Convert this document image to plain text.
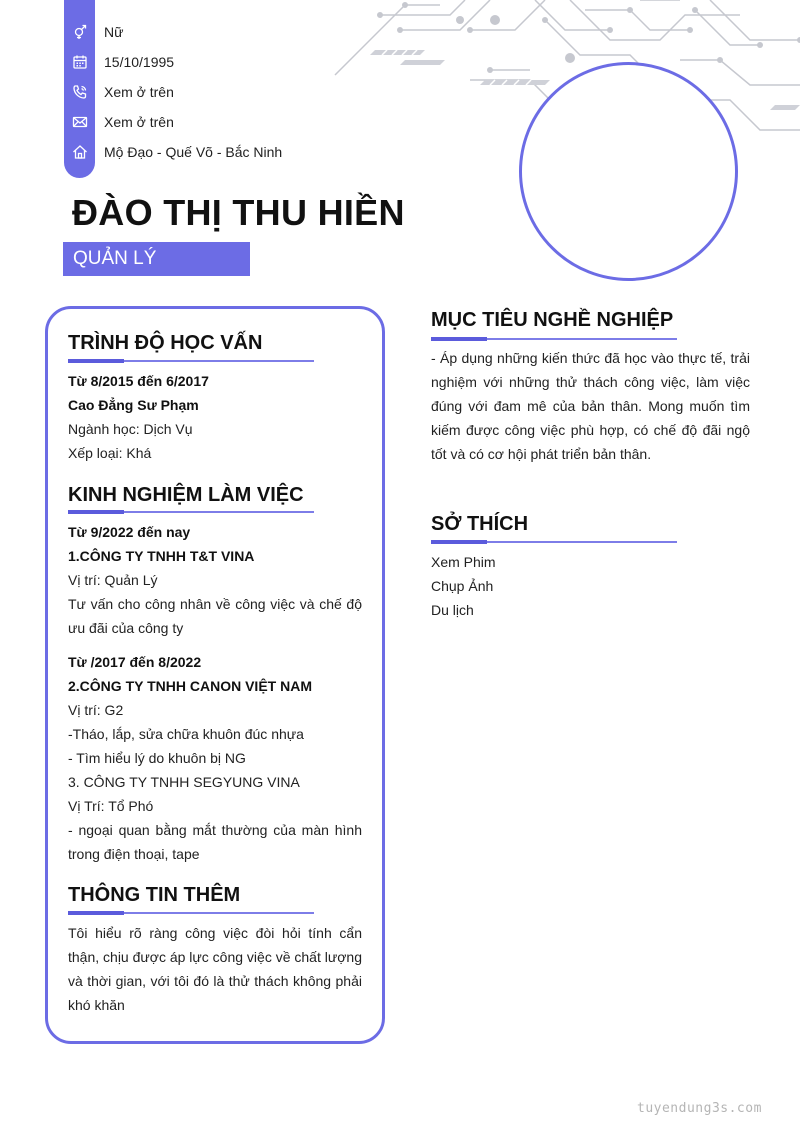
Nữ
15/10/1995
Xem ở trên
Xem ở trên
Mộ Đạo - Quế Võ - Bắc Ninh
ĐÀO THỊ THU HIỀN
QUẢN LÝ
TRÌNH ĐỘ HỌC VẤN
Từ 8/2015 đến 6/2017
Cao Đẳng Sư Phạm
Ngành học: Dịch Vụ
Xếp loại: Khá
KINH NGHIỆM LÀM VIỆC
Từ 9/2022 đến nay
1.CÔNG TY TNHH T&T VINA
Vị trí: Quản Lý
Tư vấn cho công nhân về công việc và chế độ ưu đãi của công ty
Từ /2017 đến 8/2022
2.CÔNG TY TNHH CANON VIỆT NAM
Vị trí: G2
-Tháo, lắp, sửa chữa khuôn đúc nhựa
- Tìm hiểu lý do khuôn bị NG
3. CÔNG TY TNHH SEGYUNG VINA
Vị Trí: Tổ Phó
- ngoại quan bằng mắt thường của màn hình trong điện thoại, tape
THÔNG TIN THÊM
Tôi hiểu rõ ràng công việc đòi hỏi tính cẩn thận, chịu được áp lực công việc về chất lượng và thời gian, với tôi đó là thử thách không phải khó khăn
MỤC TIÊU NGHỀ NGHIỆP
- Áp dụng những kiến thức đã học vào thực tế, trải nghiệm với những thử thách công việc, làm việc đúng với đam mê của bản thân. Mong muốn tìm kiếm được công việc phù hợp, có chế độ đãi ngộ tốt và có cơ hội phát triển bản thân.
SỞ THÍCH
Xem Phim
Chụp Ảnh
Du lịch
tuyendung3s.com
